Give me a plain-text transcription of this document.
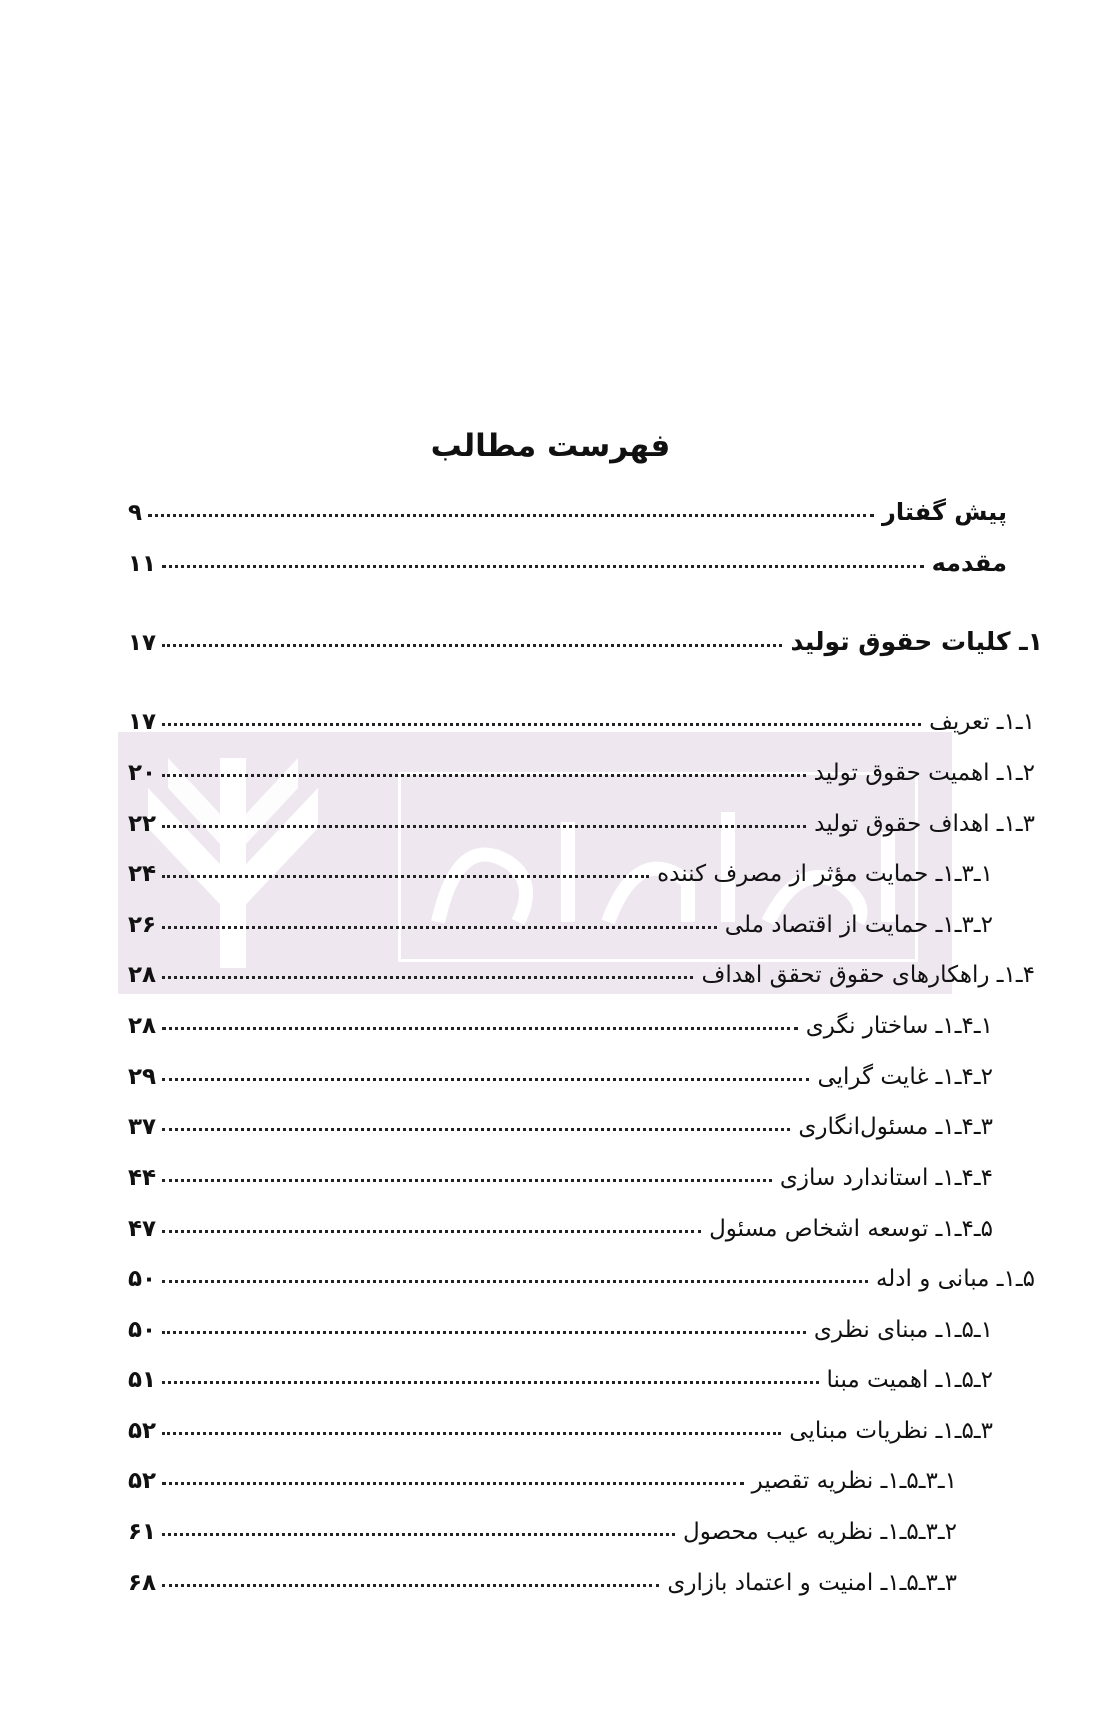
فهرست مطالب
پیش گفتار
۹
مقدمه
۱۱
۱ـ کلیات حقوق تولید
۱۷
۱ـ۱ـ تعریف
۱۷
۲ـ۱ـ اهمیت حقوق تولید
۲۰
۳ـ۱ـ اهداف حقوق تولید
۲۲
۱ـ۳ـ۱ـ حمایت مؤثر از مصرف کننده
۲۴
۲ـ۳ـ۱ـ حمایت از اقتصاد ملی
۲۶
۴ـ۱ـ راهکارهای حقوق تحقق اهداف
۲۸
۱ـ۴ـ۱ـ ساختار نگری
۲۸
۲ـ۴ـ۱ـ غایت گرایی
۲۹
۳ـ۴ـ۱ـ مسئول‌انگاری
۳۷
۴ـ۴ـ۱ـ استاندارد سازی
۴۴
۵ـ۴ـ۱ـ توسعه اشخاص مسئول
۴۷
۵ـ۱ـ مبانی و ادله
۵۰
۱ـ۵ـ۱ـ مبنای نظری
۵۰
۲ـ۵ـ۱ـ اهمیت مبنا
۵۱
۳ـ۵ـ۱ـ نظریات مبنایی
۵۲
۱ـ۳ـ۵ـ۱ـ نظریه تقصیر
۵۲
۲ـ۳ـ۵ـ۱ـ نظریه عیب محصول
۶۱
۳ـ۳ـ۵ـ۱ـ امنیت و اعتماد بازاری
۶۸
